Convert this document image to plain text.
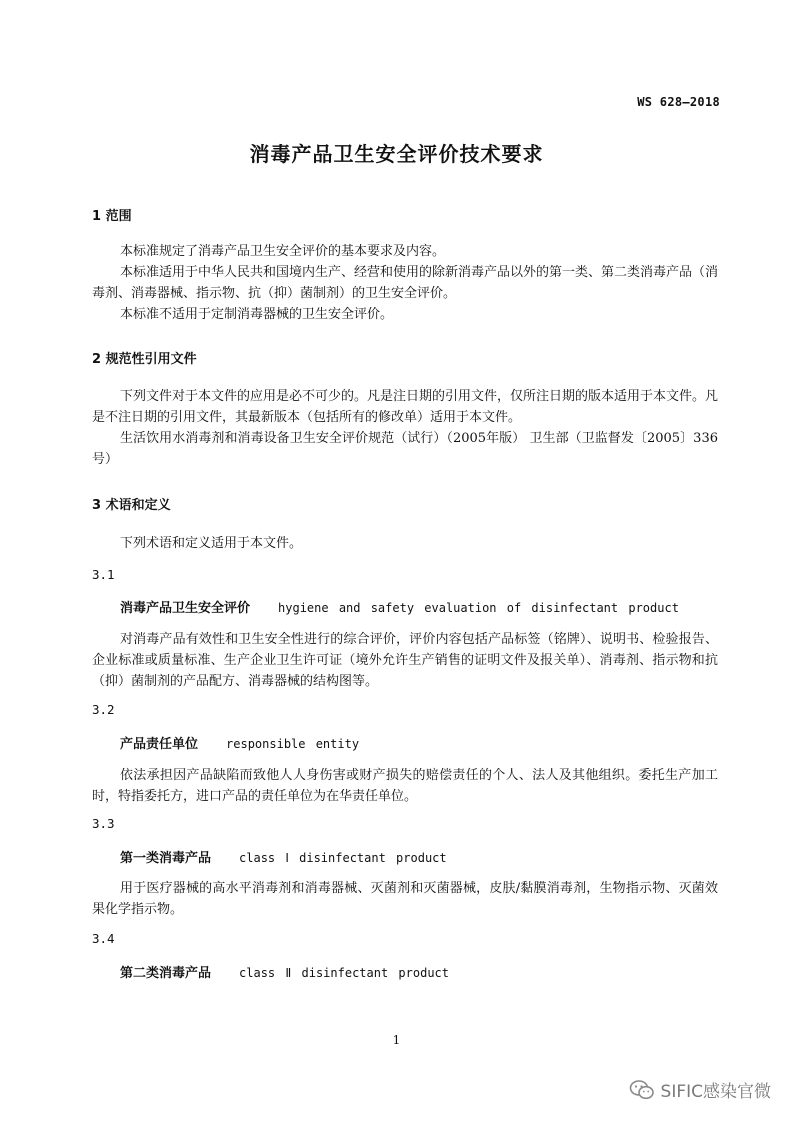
WS 628—2018
消毒产品卫生安全评价技术要求
1 范围
本标准规定了消毒产品卫生安全评价的基本要求及内容。
本标准适用于中华人民共和国境内生产、经营和使用的除新消毒产品以外的第一类、第二类消毒产品（消毒剂、消毒器械、指示物、抗（抑）菌制剂）的卫生安全评价。
本标准不适用于定制消毒器械的卫生安全评价。
2 规范性引用文件
下列文件对于本文件的应用是必不可少的。凡是注日期的引用文件，仅所注日期的版本适用于本文件。凡是不注日期的引用文件，其最新版本（包括所有的修改单）适用于本文件。
生活饮用水消毒剂和消毒设备卫生安全评价规范（试行）（2005年版） 卫生部（卫监督发〔2005〕336号）
3 术语和定义
下列术语和定义适用于本文件。
3.1
消毒产品卫生安全评价 hygiene and safety evaluation of disinfectant product
对消毒产品有效性和卫生安全性进行的综合评价，评价内容包括产品标签（铭牌）、说明书、检验报告、企业标准或质量标准、生产企业卫生许可证（境外允许生产销售的证明文件及报关单）、消毒剂、指示物和抗（抑）菌制剂的产品配方、消毒器械的结构图等。
3.2
产品责任单位 responsible entity
依法承担因产品缺陷而致他人人身伤害或财产损失的赔偿责任的个人、法人及其他组织。委托生产加工时，特指委托方，进口产品的责任单位为在华责任单位。
3.3
第一类消毒产品 class Ⅰ disinfectant product
用于医疗器械的高水平消毒剂和消毒器械、灭菌剂和灭菌器械，皮肤/黏膜消毒剂，生物指示物、灭菌效果化学指示物。
3.4
第二类消毒产品 class Ⅱ disinfectant product
1
SIFIC感染官微
